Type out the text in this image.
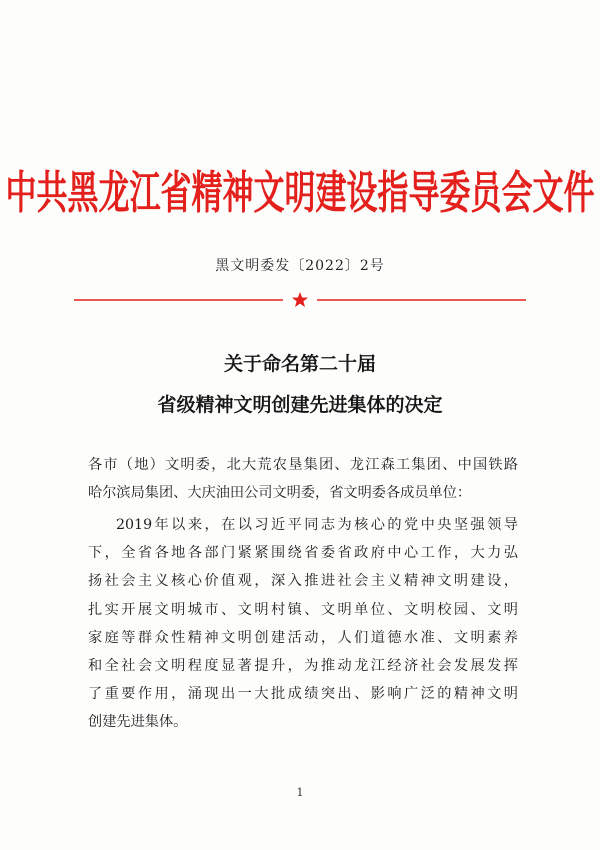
中共黑龙江省精神文明建设指导委员会文件
黑文明委发〔2022〕2号
关于命名第二十届
省级精神文明创建先进集体的决定
各市（地）文明委，北大荒农垦集团、龙江森工集团、中国铁路
哈尔滨局集团、大庆油田公司文明委，省文明委各成员单位：
2019年以来，在以习近平同志为核心的党中央坚强领导
下，全省各地各部门紧紧围绕省委省政府中心工作，大力弘
扬社会主义核心价值观，深入推进社会主义精神文明建设，
扎实开展文明城市、文明村镇、文明单位、文明校园、文明
家庭等群众性精神文明创建活动，人们道德水准、文明素养
和全社会文明程度显著提升，为推动龙江经济社会发展发挥
了重要作用，涌现出一大批成绩突出、影响广泛的精神文明
创建先进集体。
1
